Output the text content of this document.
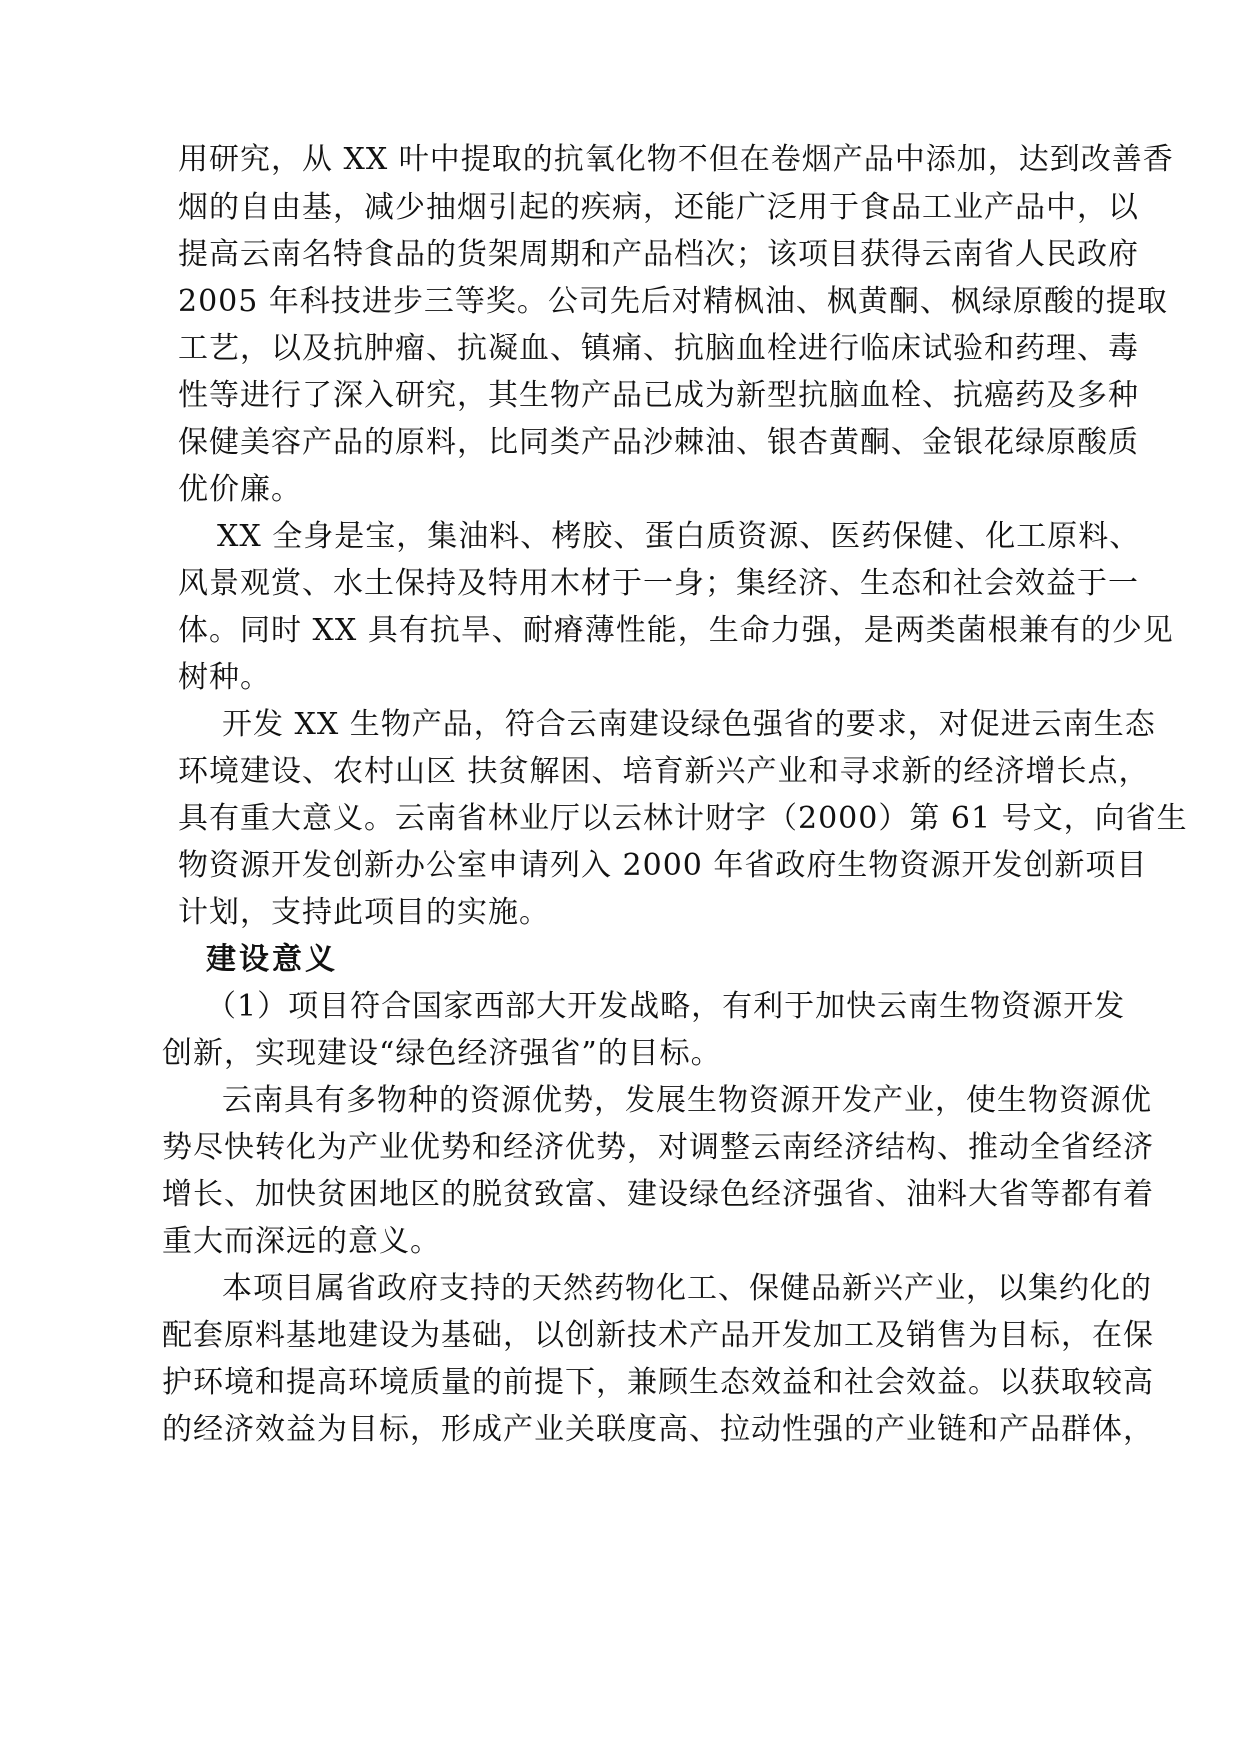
用研究，从 XX 叶中提取的抗氧化物不但在卷烟产品中添加，达到改善香
烟的自由基，减少抽烟引起的疾病，还能广泛用于食品工业产品中，以
提高云南名特食品的货架周期和产品档次；该项目获得云南省人民政府
2005 年科技进步三等奖。公司先后对精枫油、枫黄酮、枫绿原酸的提取
工艺，以及抗肿瘤、抗凝血、镇痛、抗脑血栓进行临床试验和药理、毒
性等进行了深入研究，其生物产品已成为新型抗脑血栓、抗癌药及多种
保健美容产品的原料，比同类产品沙棘油、银杏黄酮、金银花绿原酸质
优价廉。
XX 全身是宝，集油料、栲胶、蛋白质资源、医药保健、化工原料、
风景观赏、水土保持及特用木材于一身；集经济、生态和社会效益于一
体。同时 XX 具有抗旱、耐瘠薄性能，生命力强，是两类菌根兼有的少见
树种。
开发 XX 生物产品，符合云南建设绿色强省的要求，对促进云南生态
环境建设、农村山区 扶贫解困、培育新兴产业和寻求新的经济增长点，
具有重大意义。云南省林业厅以云林计财字（2000）第 61 号文，向省生
物资源开发创新办公室申请列入 2000 年省政府生物资源开发创新项目
计划，支持此项目的实施。
建设意义
（1）项目符合国家西部大开发战略，有利于加快云南生物资源开发
创新，实现建设“绿色经济强省”的目标。
云南具有多物种的资源优势，发展生物资源开发产业，使生物资源优
势尽快转化为产业优势和经济优势，对调整云南经济结构、推动全省经济
增长、加快贫困地区的脱贫致富、建设绿色经济强省、油料大省等都有着
重大而深远的意义。
本项目属省政府支持的天然药物化工、保健品新兴产业，以集约化的
配套原料基地建设为基础，以创新技术产品开发加工及销售为目标，在保
护环境和提高环境质量的前提下，兼顾生态效益和社会效益。以获取较高
的经济效益为目标，形成产业关联度高、拉动性强的产业链和产品群体，
